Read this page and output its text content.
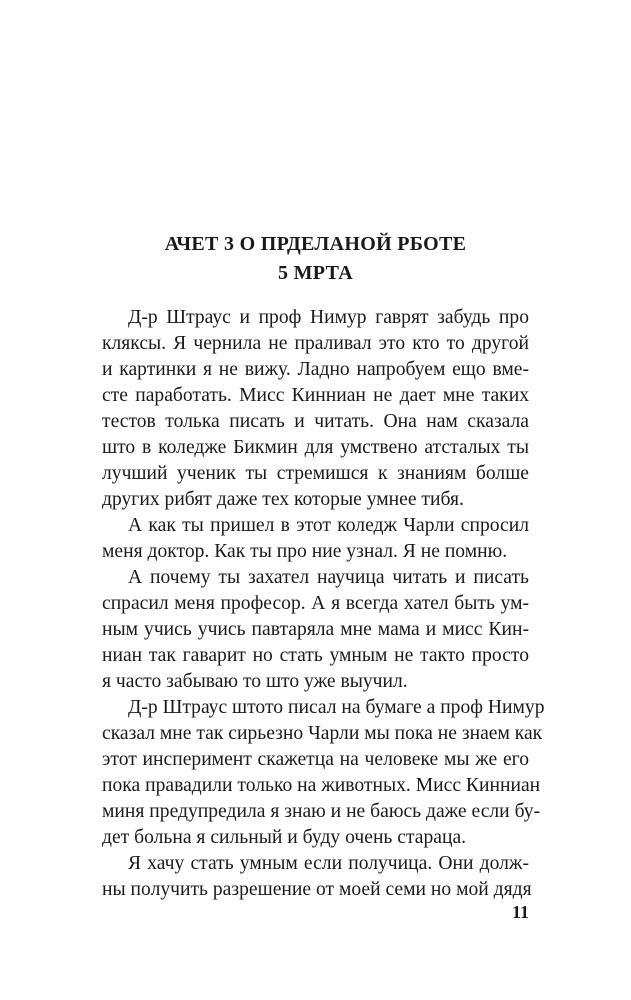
АЧЕТ 3 О ПРДЕЛАНОЙ РБОТЕ
5 МРТА
Д-р Штраус и проф Нимур гаврят забудь про
кляксы. Я чернила не праливал это кто то другой
и картинки я не вижу. Ладно напробуем ещо вме-
сте паработать. Мисс Кинниан не дает мне таких
тестов толька писать и читать. Она нам сказала
што в коледже Бикмин для умствено атсталых ты
лучший ученик ты стремишся к знаниям болше
других рибят даже тех которые умнее тибя.
А как ты пришел в этот коледж Чарли спросил
меня доктор. Как ты про ние узнал. Я не помню.
А почему ты захател научица читать и писать
спрасил меня професор. А я всегда хател быть ум-
ным учись учись павтаряла мне мама и мисс Кин-
ниан так гаварит но стать умным не такто просто
я часто забываю то што уже выучил.
Д-р Штраус штото писал на бумаге а проф Нимур
сказал мне так сирьезно Чарли мы пока не знаем как
этот инсперимент скажетца на человеке мы же его
пока правадили только на животных. Мисс Кинниан
миня предупредила я знаю и не баюсь даже если бу-
дет больна я сильный и буду очень стараца.
Я хачу стать умным если получица. Они долж-
ны получить разрешение от моей семи но мой дядя
11
